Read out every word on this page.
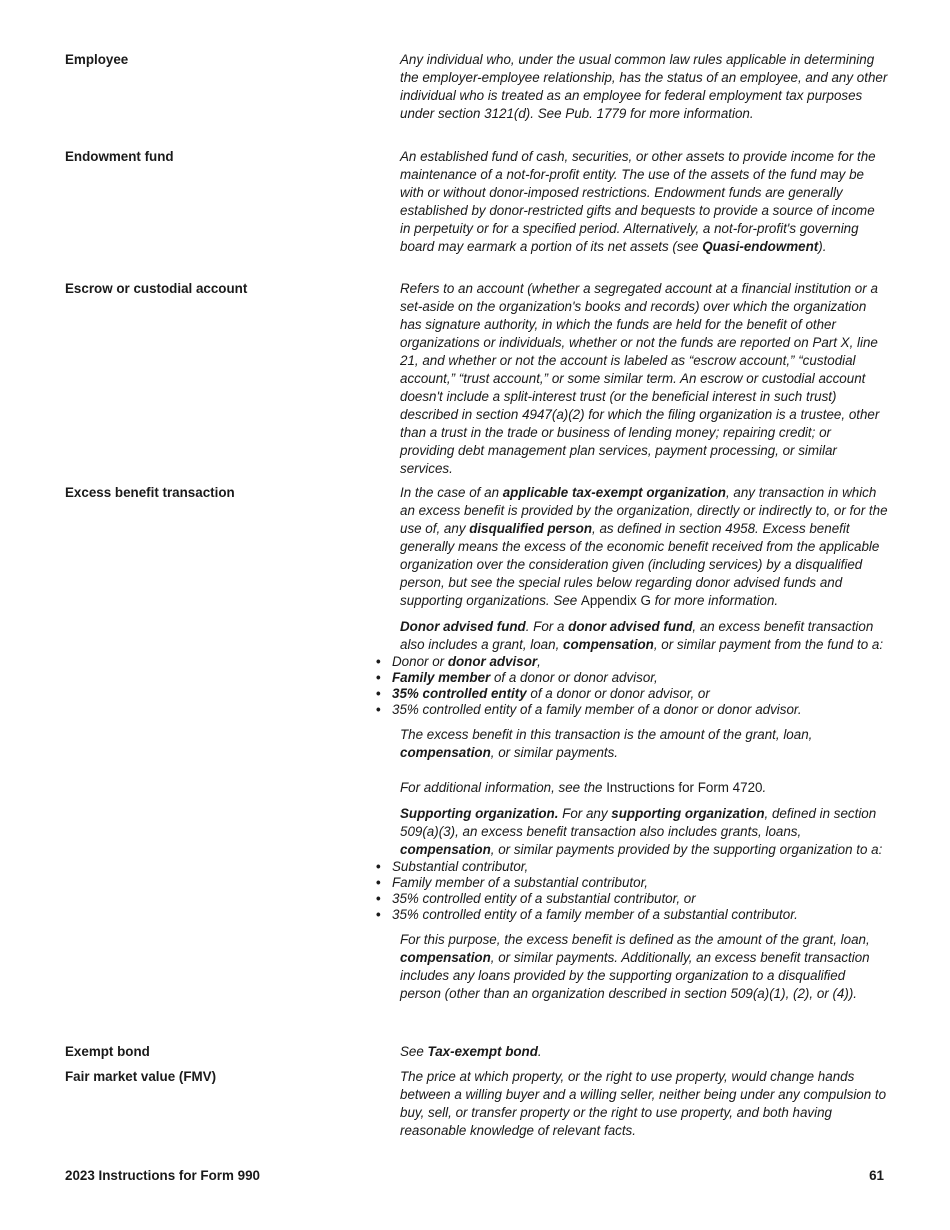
Employee	Any individual who, under the usual common law rules applicable in determining the employer-employee relationship, has the status of an employee, and any other individual who is treated as an employee for federal employment tax purposes under section 3121(d). See Pub. 1779 for more information.

Endowment fund	An established fund of cash, securities, or other assets to provide income for the maintenance of a not-for-profit entity. The use of the assets of the fund may be with or without donor-imposed restrictions. Endowment funds are generally established by donor-restricted gifts and bequests to provide a source of income in perpetuity or for a specified period. Alternatively, a not-for-profit's governing board may earmark a portion of its net assets (see Quasi-endowment).

Escrow or custodial account	Refers to an account (whether a segregated account at a financial institution or a set-aside on the organization's books and records) over which the organization has signature authority, in which the funds are held for the benefit of other organizations or individuals, whether or not the funds are reported on Part X, line 21, and whether or not the account is labeled as “escrow account,” “custodial account,” “trust account,” or some similar term. An escrow or custodial account doesn't include a split-interest trust (or the beneficial interest in such trust) described in section 4947(a)(2) for which the filing organization is a trustee, other than a trust in the trade or business of lending money; repairing credit; or providing debt management plan services, payment processing, or similar services.

Excess benefit transaction	In the case of an applicable tax-exempt organization, any transaction in which an excess benefit is provided by the organization, directly or indirectly to, or for the use of, any disqualified person, as defined in section 4958. Excess benefit generally means the excess of the economic benefit received from the applicable organization over the consideration given (including services) by a disqualified person, but see the special rules below regarding donor advised funds and supporting organizations. See Appendix G for more information.

Donor advised fund. For a donor advised fund, an excess benefit transaction also includes a grant, loan, compensation, or similar payment from the fund to a:

• Donor or donor advisor,
• Family member of a donor or donor advisor,
• 35% controlled entity of a donor or donor advisor, or
• 35% controlled entity of a family member of a donor or donor advisor.

The excess benefit in this transaction is the amount of the grant, loan, compensation, or similar payments.

For additional information, see the Instructions for Form 4720.

Supporting organization. For any supporting organization, defined in section 509(a)(3), an excess benefit transaction also includes grants, loans, compensation, or similar payments provided by the supporting organization to a:

• Substantial contributor,
• Family member of a substantial contributor,
• 35% controlled entity of a substantial contributor, or
• 35% controlled entity of a family member of a substantial contributor.

For this purpose, the excess benefit is defined as the amount of the grant, loan, compensation, or similar payments. Additionally, an excess benefit transaction includes any loans provided by the supporting organization to a disqualified person (other than an organization described in section 509(a)(1), (2), or (4)).

Exempt bond	See Tax-exempt bond.

Fair market value (FMV)	The price at which property, or the right to use property, would change hands between a willing buyer and a willing seller, neither being under any compulsion to buy, sell, or transfer property or the right to use property, and both having reasonable knowledge of relevant facts.

2023 Instructions for Form 990	61
